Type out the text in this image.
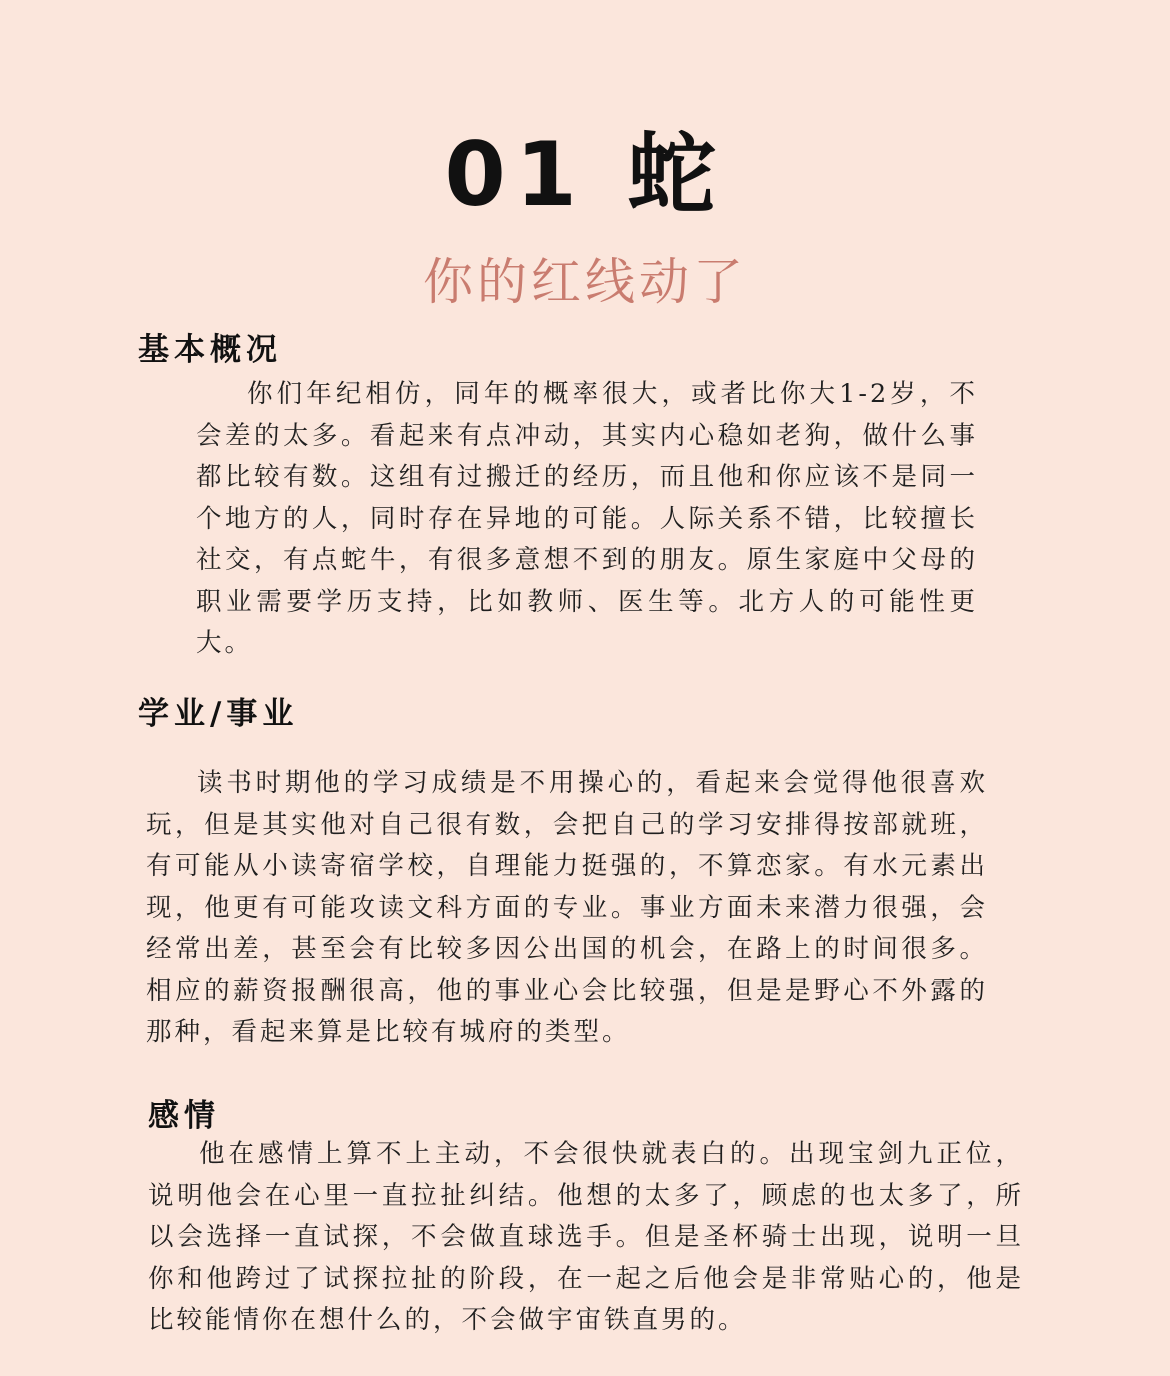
01 蛇
你的红线动了
基本概况

你们年纪相仿，同年的概率很大，或者比你大1-2岁，不会差的太多。看起来有点冲动，其实内心稳如老狗，做什么事都比较有数。这组有过搬迁的经历，而且他和你应该不是同一个地方的人，同时存在异地的可能。人际关系不错，比较擅长社交，有点蛇牛，有很多意想不到的朋友。原生家庭中父母的职业需要学历支持，比如教师、医生等。北方人的可能性更大。

学业/事业

读书时期他的学习成绩是不用操心的，看起来会觉得他很喜欢玩，但是其实他对自己很有数，会把自己的学习安排得按部就班，有可能从小读寄宿学校，自理能力挺强的，不算恋家。有水元素出现，他更有可能攻读文科方面的专业。事业方面未来潜力很强，会经常出差，甚至会有比较多因公出国的机会，在路上的时间很多。相应的薪资报酬很高，他的事业心会比较强，但是是野心不外露的那种，看起来算是比较有城府的类型。

感情

他在感情上算不上主动，不会很快就表白的。出现宝剑九正位，说明他会在心里一直拉扯纠结。他想的太多了，顾虑的也太多了，所以会选择一直试探，不会做直球选手。但是圣杯骑士出现，说明一旦你和他跨过了试探拉扯的阶段，在一起之后他会是非常贴心的，他是比较能情你在想什么的，不会做宇宙铁直男的。
